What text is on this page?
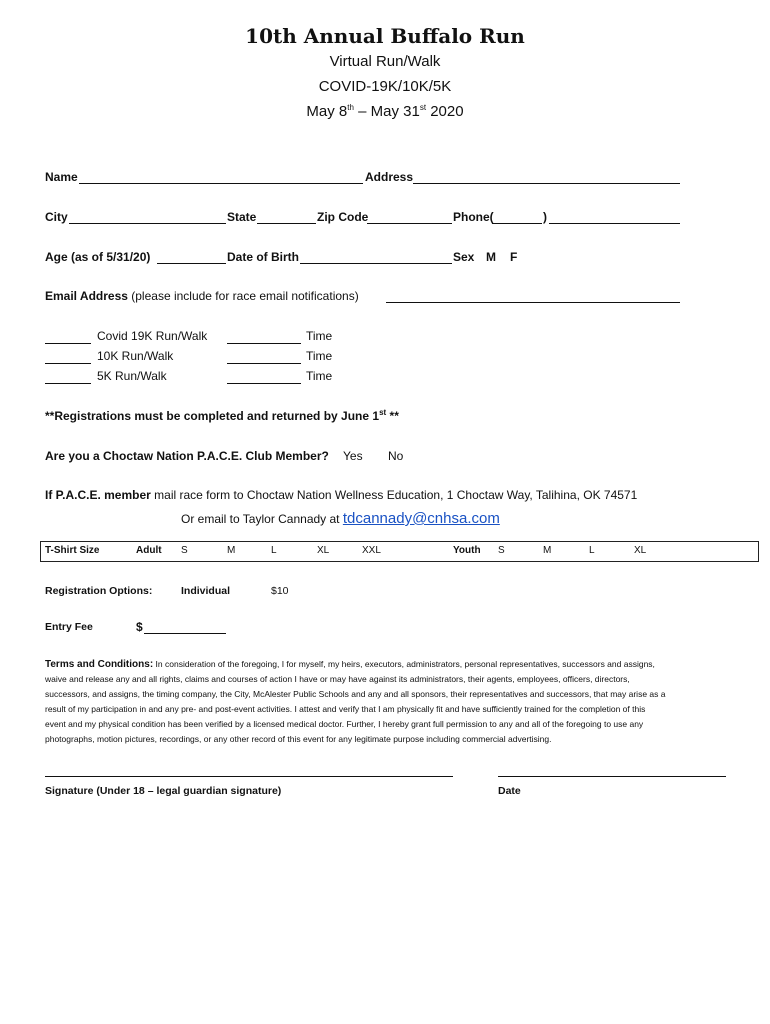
10th Annual Buffalo Run
Virtual Run/Walk
COVID-19K/10K/5K
May 8th – May 31st 2020
Name	Address
City	State	Zip Code	Phone(	)
Age (as of 5/31/20)	Date of Birth	Sex M F
Email Address (please include for race email notifications)
Covid 19K Run/Walk	Time
10K Run/Walk	Time
5K Run/Walk	Time
**Registrations must be completed and returned by June 1st **
Are you a Choctaw Nation P.A.C.E. Club Member? Yes No
If P.A.C.E. member mail race form to Choctaw Nation Wellness Education, 1 Choctaw Way, Talihina, OK 74571
Or email to Taylor Cannady at tdcannady@cnhsa.com
T-Shirt Size	Adult S	M	L	XL	XXL	Youth S	M	L	XL
Registration Options:	Individual	$10
Entry Fee	$
Terms and Conditions: In consideration of the foregoing, I for myself, my heirs, executors, administrators, personal representatives, successors and assigns,
waive and release any and all rights, claims and courses of action I have or may have against its administrators, their agents, employees, officers, directors,
successors, and assigns, the timing company, the City, McAlester Public Schools and any and all sponsors, their representatives and successors, that may arise as a
result of my participation in and any pre- and post-event activities. I attest and verify that I am physically fit and have sufficiently trained for the completion of this
event and my physical condition has been verified by a licensed medical doctor. Further, I hereby grant full permission to any and all of the foregoing to use any
photographs, motion pictures, recordings, or any other record of this event for any legitimate purpose including commercial advertising.
Signature (Under 18 – legal guardian signature)	Date
